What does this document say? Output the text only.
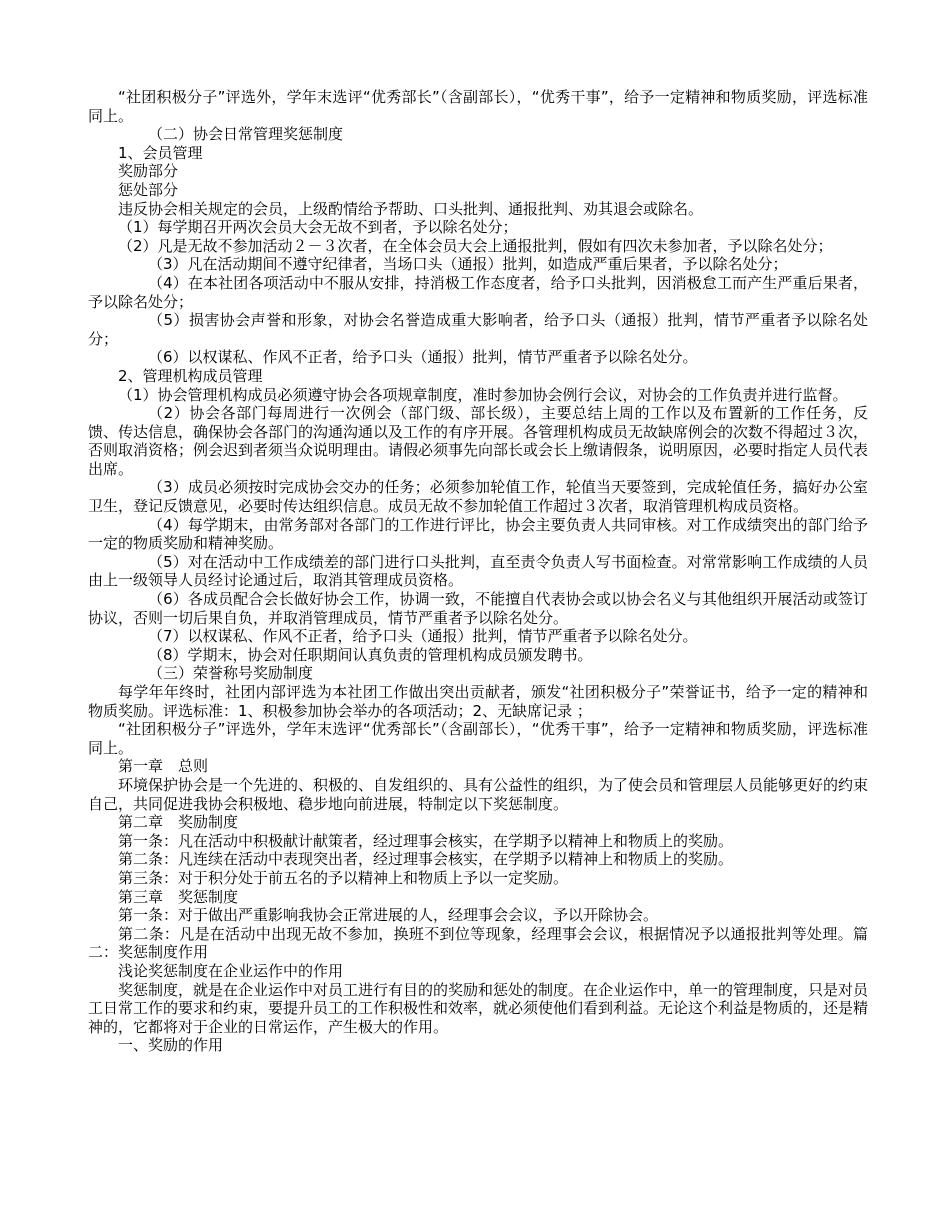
“社团积极分子”评选外，学年末选评“优秀部长”（含副部长），“优秀干事”，给予一定精神和物质奖励，评选标准同上。

（二）协会日常管理奖惩制度

1、会员管理

奖励部分

惩处部分

违反协会相关规定的会员，上级酌情给予帮助、口头批判、通报批判、劝其退会或除名。

（1）每学期召开两次会员大会无故不到者，予以除名处分；

（2）凡是无故不参加活动２－３次者，在全体会员大会上通报批判，假如有四次未参加者，予以除名处分；

（3）凡在活动期间不遵守纪律者，当场口头（通报）批判，如造成严重后果者，予以除名处分；

（4）在本社团各项活动中不服从安排，持消极工作态度者，给予口头批判，因消极怠工而产生严重后果者，予以除名处分；

（5）损害协会声誉和形象，对协会名誉造成重大影响者，给予口头（通报）批判，情节严重者予以除名处分；

（6）以权谋私、作风不正者，给予口头（通报）批判，情节严重者予以除名处分。

2、管理机构成员管理

（1）协会管理机构成员必须遵守协会各项规章制度，准时参加协会例行会议，对协会的工作负责并进行监督。

（2）协会各部门每周进行一次例会（部门级、部长级），主要总结上周的工作以及布置新的工作任务，反馈、传达信息，确保协会各部门的沟通沟通以及工作的有序开展。各管理机构成员无故缺席例会的次数不得超过３次，否则取消资格；例会迟到者须当众说明理由。请假必须事先向部长或会长上缴请假条，说明原因，必要时指定人员代表出席。

（3）成员必须按时完成协会交办的任务；必须参加轮值工作，轮值当天要签到，完成轮值任务，搞好办公室卫生，登记反馈意见，必要时传达组织信息。成员无故不参加轮值工作超过３次者，取消管理机构成员资格。

（4）每学期末，由常务部对各部门的工作进行评比，协会主要负责人共同审核。对工作成绩突出的部门给予一定的物质奖励和精神奖励。

（5）对在活动中工作成绩差的部门进行口头批判，直至责令负责人写书面检查。对常常影响工作成绩的人员由上一级领导人员经讨论通过后，取消其管理成员资格。

（6）各成员配合会长做好协会工作，协调一致，不能擅自代表协会或以协会名义与其他组织开展活动或签订协议，否则一切后果自负，并取消管理成员，情节严重者予以除名处分。

（7）以权谋私、作风不正者，给予口头（通报）批判，情节严重者予以除名处分。

（8）学期末，协会对任职期间认真负责的管理机构成员颁发聘书。

（三）荣誉称号奖励制度

每学年年终时，社团内部评选为本社团工作做出突出贡献者，颁发“社团积极分子”荣誉证书，给予一定的精神和物质奖励。评选标准：1、积极参加协会举办的各项活动；2、无缺席记录 ；

“社团积极分子”评选外，学年末选评“优秀部长”（含副部长），“优秀干事”，给予一定精神和物质奖励，评选标准同上。

第一章　总则

环境保护协会是一个先进的、积极的、自发组织的、具有公益性的组织，为了使会员和管理层人员能够更好的约束自己，共同促进我协会积极地、稳步地向前进展，特制定以下奖惩制度。

第二章　奖励制度

第一条：凡在活动中积极献计献策者，经过理事会核实，在学期予以精神上和物质上的奖励。

第二条：凡连续在活动中表现突出者，经过理事会核实，在学期予以精神上和物质上的奖励。

第三条：对于积分处于前五名的予以精神上和物质上予以一定奖励。

第三章　奖惩制度

第一条：对于做出严重影响我协会正常进展的人，经理事会会议，予以开除协会。

第二条：凡是在活动中出现无故不参加，换班不到位等现象，经理事会会议，根据情况予以通报批判等处理。篇二：奖惩制度作用

浅论奖惩制度在企业运作中的作用

奖惩制度，就是在企业运作中对员工进行有目的的奖励和惩处的制度。在企业运作中，单一的管理制度，只是对员工日常工作的要求和约束，要提升员工的工作积极性和效率，就必须使他们看到利益。无论这个利益是物质的，还是精神的，它都将对于企业的日常运作，产生极大的作用。

一、奖励的作用
